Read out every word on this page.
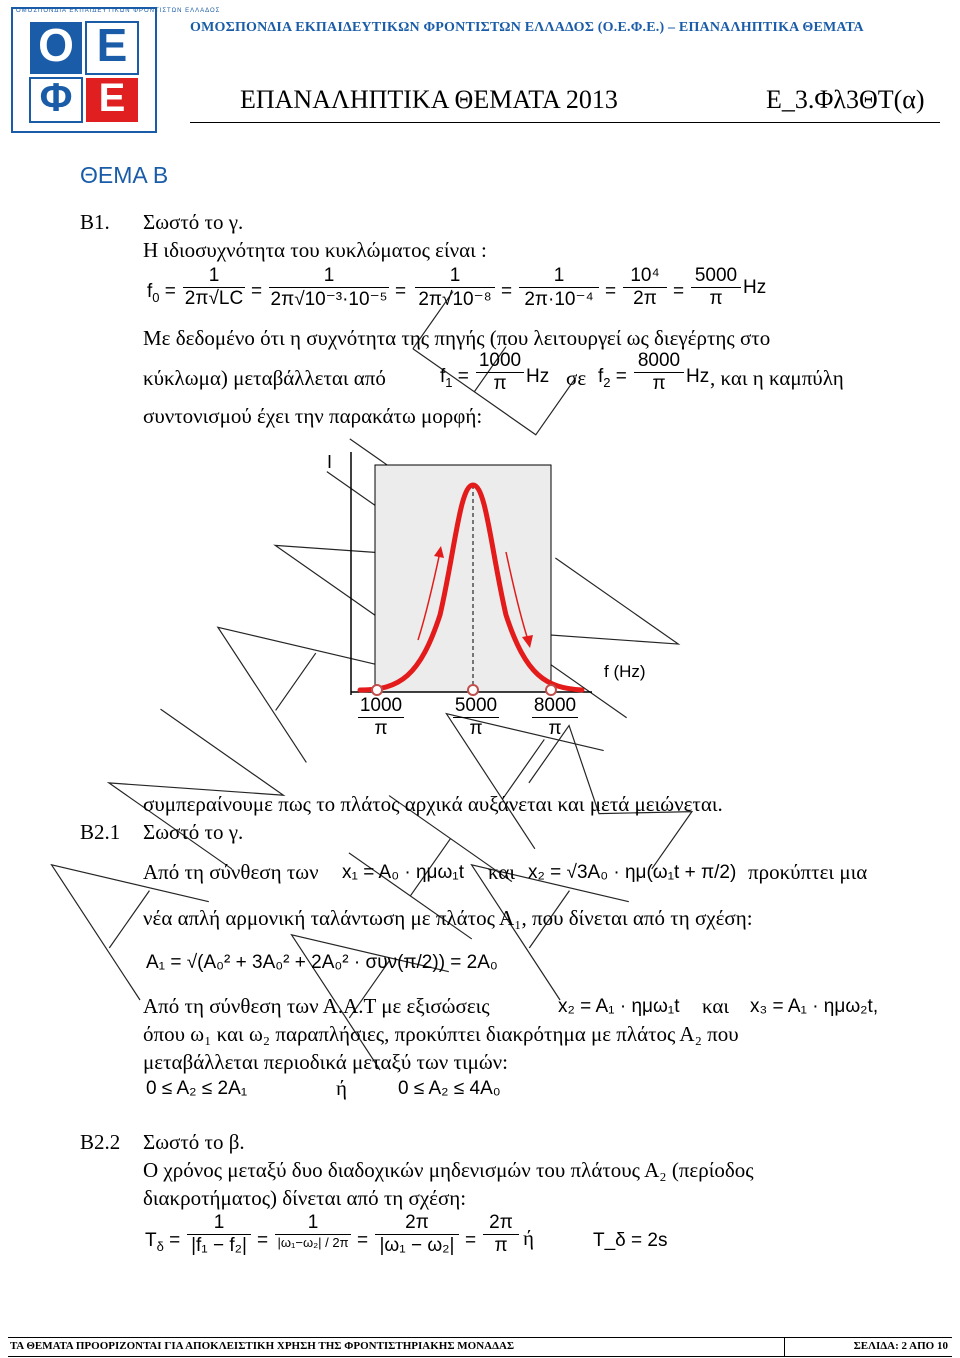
Ο Ε
Φ Ε
ΟΜΟΣΠΟΝΔΙΑ ΕΚΠΑΙΔΕΥΤΙΚΩΝ ΦΡΟΝΤΙΣΤΩΝ ΕΛΛΑΔΟΣ
ΟΜΟΣΠΟΝΔΙΑ ΕΚΠΑΙΔΕΥΤΙΚΩΝ ΦΡΟΝΤΙΣΤΩΝ ΕΛΛΑΔΟΣ (Ο.Ε.Φ.Ε.) – ΕΠΑΝΑΛΗΠΤΙΚΑ ΘΕΜΑΤΑ
ΕΠΑΝΑΛΗΠΤΙΚΑ ΘΕΜΑΤΑ 2013	Ε_3.Φλ3ΘΤ(α)
ΘΕΜΑ Β
Β1. Σωστό το γ.
Η ιδιοσυχνότητα του κυκλώματος είναι :
$f_0$ =
1
2π√LC =
1
2π√10⁻³·10⁻⁵ =
1
2π√10⁻⁸ =
1
2π·10⁻⁴ =
10⁴
2π =
5000
π
Hz
Με δεδομένο ότι η συχνότητα της πηγής (που λειτουργεί ως διεγέρτης στο
κύκλωμα) μεταβάλλεται από	$f_1$ =
1000
π	Hz σε $f_2$ =
8000
π	Hz , και η καμπύλη
συντονισμού έχει την παρακάτω μορφή:
I
f (Hz)
1000
π
5000
π
8000
π
συμπεραίνουμε πως το πλάτος αρχικά αυξάνεται και μετά μειώνεται.
Β2.1 Σωστό το γ.
Από τη σύνθεση των x₁ = A₀ · ημω₁t και x₂ = √3A₀ · ημ(ω₁t + π/2) προκύπτει μια
νέα απλή αρμονική ταλάντωση με πλάτος Α₁, που δίνεται από τη σχέση:
A₁ = √(A₀² + 3A₀² + 2A₀² · συν(π/2)) = 2A₀
Από τη σύνθεση των Α.Α.Τ με εξισώσεις	x₂ = A₁ · ημω₁t και x₃ = A₁ · ημω₂t,
όπου ω₁ και ω₂ παραπλήσιες, προκύπτει διακρότημα με πλάτος Α₂ που
μεταβάλλεται περιοδικά μεταξύ των τιμών:
0 ≤ A₂ ≤ 2A₁	ή	0 ≤ A₂ ≤ 4A₀
Β2.2 Σωστό το β.
Ο χρόνος μεταξύ δυο διαδοχικών μηδενισμών του πλάτους Α₂ (περίοδος
διακροτήματος) δίνεται από τη σχέση:
$T_\delta$ =
1
|f₁ − f₂| =
1
|ω₁−ω₂| / 2π =
2π
|ω₁ − ω₂| =
2π
π ή	T_δ = 2s
ΤΑ ΘΕΜΑΤΑ ΠΡΟΟΡΙΖΟΝΤΑΙ ΓΙΑ ΑΠΟΚΛΕΙΣΤΙΚΗ ΧΡΗΣΗ ΤΗΣ ΦΡΟΝΤΙΣΤΗΡΙΑΚΗΣ ΜΟΝΑΔΑΣ	ΣΕΛΙΔΑ: 2 ΑΠΟ 10
